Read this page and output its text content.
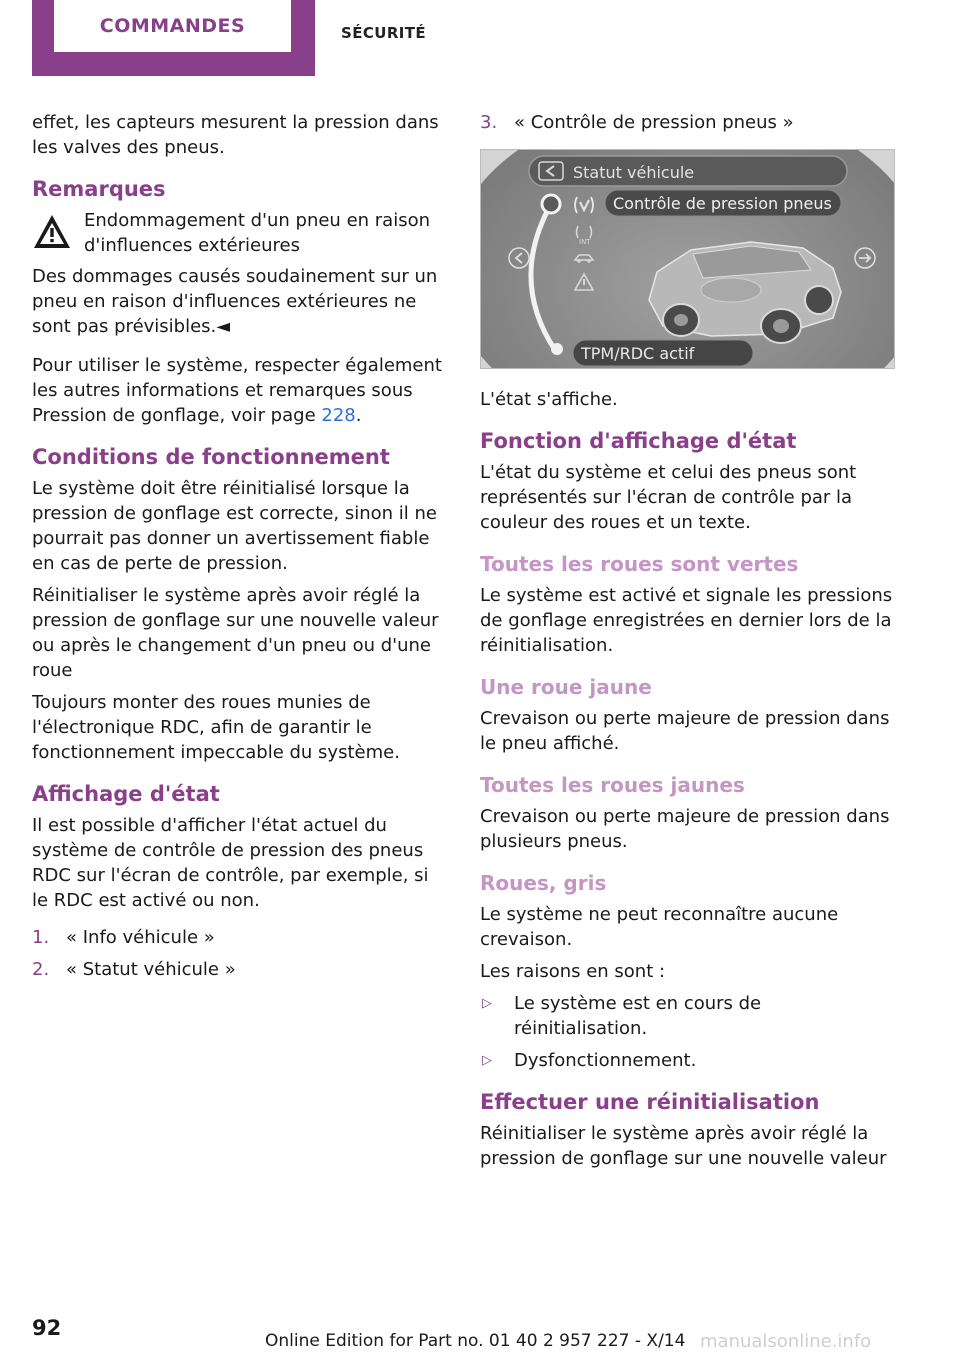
COMMANDES	SÉCURITÉ

effet, les capteurs mesurent la pression dans les valves des pneus.

Remarques
Endommagement d'un pneu en raison d'influences extérieures

Des dommages causés soudainement sur un pneu en raison d'influences extérieures ne sont pas prévisibles.◄

Pour utiliser le système, respecter également les autres informations et remarques sous Pression de gonflage, voir page 228.

Conditions de fonctionnement

Le système doit être réinitialisé lorsque la pression de gonflage est correcte, sinon il ne pourrait pas donner un avertissement fiable en cas de perte de pression.

Réinitialiser le système après avoir réglé la pression de gonflage sur une nouvelle valeur ou après le changement d'un pneu ou d'une roue

Toujours monter des roues munies de l'électronique RDC, afin de garantir le fonctionnement impeccable du système.

Affichage d'état

Il est possible d'afficher l'état actuel du système de contrôle de pression des pneus RDC sur l'écran de contrôle, par exemple, si le RDC est activé ou non.

1. « Info véhicule »
2. « Statut véhicule »
3. « Contrôle de pression pneus »
Statut véhicule
Contrôle de pression pneus
INT
TPM/RDC actif

L'état s'affiche.

Fonction d'affichage d'état

L'état du système et celui des pneus sont représentés sur l'écran de contrôle par la couleur des roues et un texte.

Toutes les roues sont vertes

Le système est activé et signale les pressions de gonflage enregistrées en dernier lors de la réinitialisation.

Une roue jaune

Crevaison ou perte majeure de pression dans le pneu affiché.

Toutes les roues jaunes

Crevaison ou perte majeure de pression dans plusieurs pneus.

Roues, gris

Le système ne peut reconnaître aucune crevaison.

Les raisons en sont :

▷	Le système est en cours de réinitialisation.
▷	Dysfonctionnement.
Effectuer une réinitialisation

Réinitialiser le système après avoir réglé la pression de gonflage sur une nouvelle valeur

92
Online Edition for Part no. 01 40 2 957 227 - X/14 manualsonline.info
